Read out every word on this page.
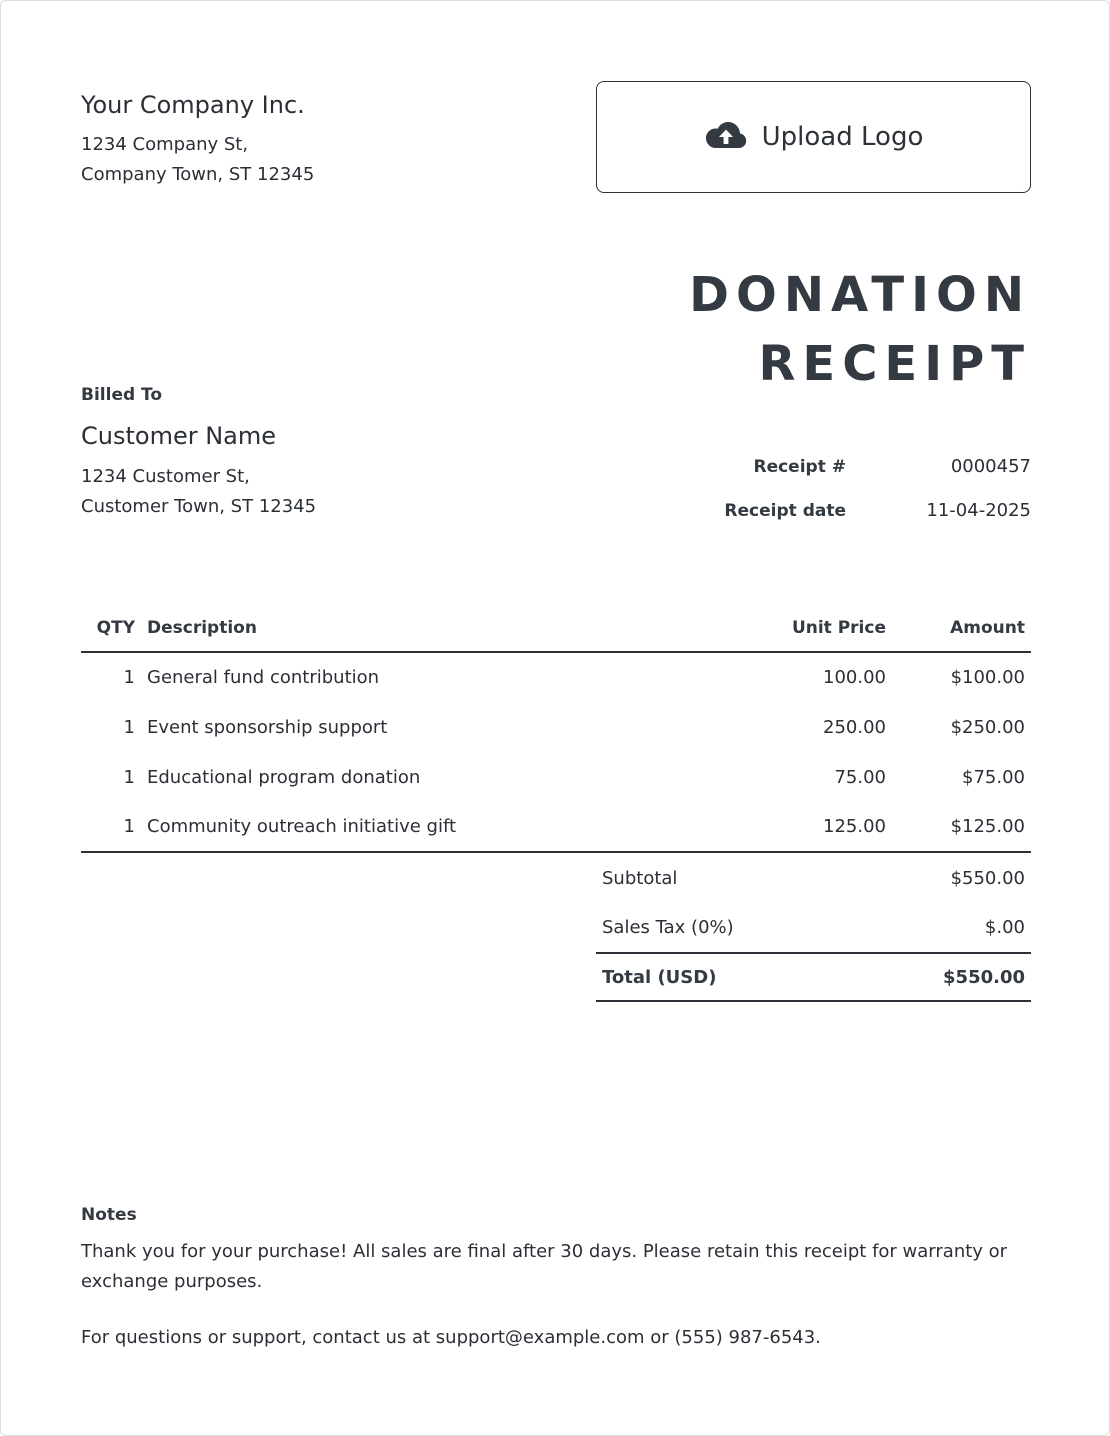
Your Company Inc.
1234 Company St,
Company Town, ST 12345
Upload Logo
DONATION
RECEIPT
Billed To
Customer Name
1234 Customer St,
Customer Town, ST 12345
Receipt #	0000457
Receipt date	11-04-2025
QTY	Description	Unit Price	Amount
1	General fund contribution	100.00	$100.00
1	Event sponsorship support	250.00	$250.00
1	Educational program donation	75.00	$75.00
1	Community outreach initiative gift	125.00	$125.00
Subtotal	$550.00
Sales Tax (0%)	$.00
Total (USD)	$550.00
Notes
Thank you for your purchase! All sales are final after 30 days. Please retain this receipt for warranty or exchange purposes.
For questions or support, contact us at support@example.com or (555) 987-6543.
